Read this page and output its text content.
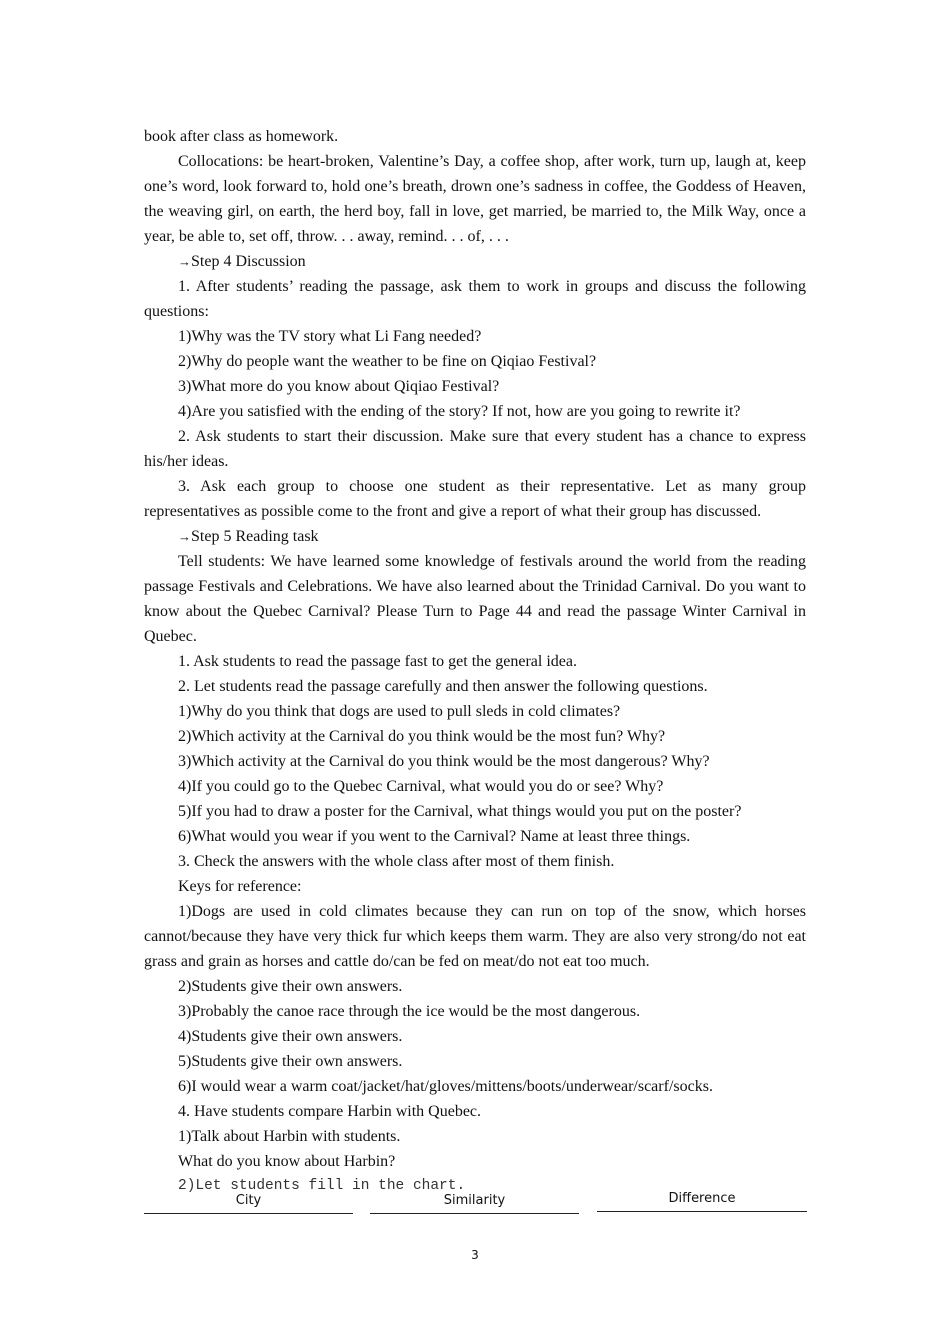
book after class as homework.

Collocations: be heart-broken, Valentine’s Day, a coffee shop, after work, turn up, laugh at, keep one’s word, look forward to, hold one’s breath, drown one’s sadness in coffee, the Goddess of Heaven, the weaving girl, on earth, the herd boy, fall in love, get married, be married to, the Milk Way, once a year, be able to, set off, throw. . . away, remind. . . of, . . .

→Step 4 Discussion

1. After students’ reading the passage, ask them to work in groups and discuss the following questions:

1)Why was the TV story what Li Fang needed?

2)Why do people want the weather to be fine on Qiqiao Festival?

3)What more do you know about Qiqiao Festival?

4)Are you satisfied with the ending of the story? If not, how are you going to rewrite it?

2. Ask students to start their discussion. Make sure that every student has a chance to express his/her ideas.

3. Ask each group to choose one student as their representative. Let as many group representatives as possible come to the front and give a report of what their group has discussed.

→Step 5 Reading task

Tell students: We have learned some knowledge of festivals around the world from the reading passage Festivals and Celebrations. We have also learned about the Trinidad Carnival. Do you want to know about the Quebec Carnival? Please Turn to Page 44 and read the passage Winter Carnival in Quebec.

1. Ask students to read the passage fast to get the general idea.

2. Let students read the passage carefully and then answer the following questions.

1)Why do you think that dogs are used to pull sleds in cold climates?

2)Which activity at the Carnival do you think would be the most fun? Why?

3)Which activity at the Carnival do you think would be the most dangerous? Why?

4)If you could go to the Quebec Carnival, what would you do or see? Why?

5)If you had to draw a poster for the Carnival, what things would you put on the poster?

6)What would you wear if you went to the Carnival? Name at least three things.

3. Check the answers with the whole class after most of them finish.

Keys for reference:

1)Dogs are used in cold climates because they can run on top of the snow, which horses cannot/because they have very thick fur which keeps them warm. They are also very strong/do not eat grass and grain as horses and cattle do/can be fed on meat/do not eat too much.

2)Students give their own answers.

3)Probably the canoe race through the ice would be the most dangerous.

4)Students give their own answers.

5)Students give their own answers.

6)I would wear a warm coat/jacket/hat/gloves/mittens/boots/underwear/scarf/socks.

4. Have students compare Harbin with Quebec.

1)Talk about Harbin with students.

What do you know about Harbin?

2)Let students fill in the chart.

City	Similarity	Difference
3
